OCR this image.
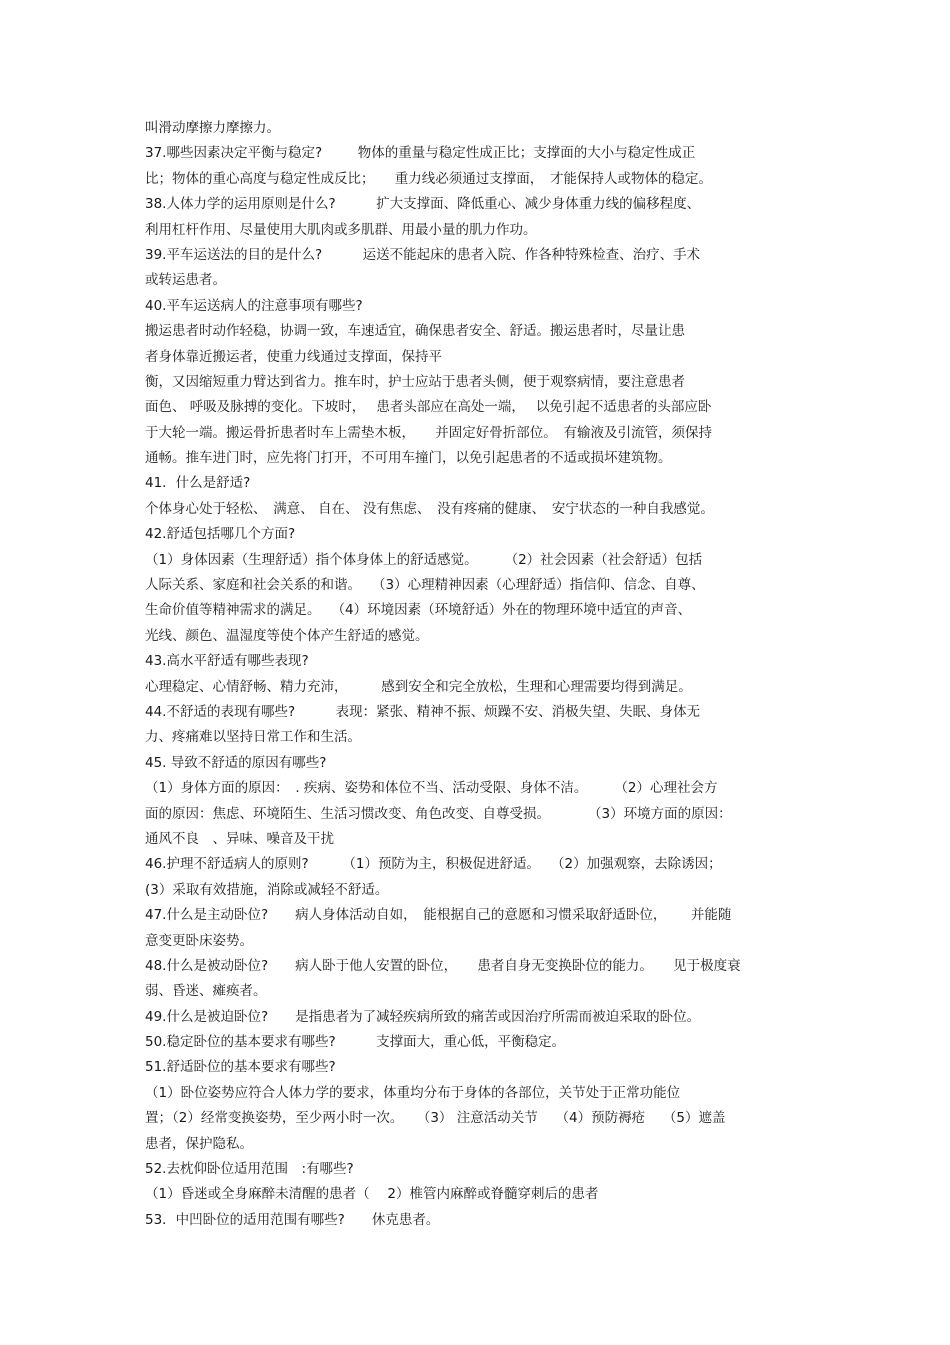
叫滑动摩擦力摩擦力。
37.哪些因素决定平衡与稳定?　　  物体的重量与稳定性成正比；支撑面的大小与稳定性成正
比；物体的重心高度与稳定性成反比；　　重力线必须通过支撑面，　才能保持人或物体的稳定。
38.人体力学的运用原则是什么?　　　扩大支撑面、降低重心、减少身体重力线的偏移程度、
利用杠杆作用、尽量使用大肌肉或多肌群、用最小量的肌力作功。
39.平车运送法的目的是什么?　　　运送不能起床的患者入院、作各种特殊检查、治疗、手术
或转运患者。
40.平车运送病人的注意事项有哪些?
搬运患者时动作轻稳，协调一致，车速适宜，确保患者安全、舒适。搬运患者时，尽量让患
者身体靠近搬运者，使重力线通过支撑面，保持平
衡，又因缩短重力臂达到省力。推车时，护士应站于患者头侧，便于观察病情，要注意患者
面色、 呼吸及脉搏的变化。下坡时，　 患者头部应在高处一端，　 以免引起不适患者的头部应卧
于大轮一端。搬运骨折患者时车上需垫木板，　　并固定好骨折部位。　有输液及引流管，须保持
通畅。推车进门时，应先将门打开，不可用车撞门，以免引起患者的不适或损坏建筑物。
41．什么是舒适?
个体身心处于轻松、　满意、 自在、 没有焦虑、　没有疼痛的健康、　安宁状态的一种自我感觉。
42.舒适包括哪几个方面?
（1）身体因素（生理舒适）指个体身体上的舒适感觉。　　　（2）社会因素（社会舒适）包括
人际关系、家庭和社会关系的和谐。　 （3）心理精神因素（心理舒适）指信仰、信念、自尊、
生命价值等精神需求的满足。　 （4）环境因素（环境舒适）外在的物理环境中适宜的声音、
光线、颜色、温湿度等使个体产生舒适的感觉。
43.高水平舒适有哪些表现?
心理稳定、心情舒畅、精力充沛，　　　感到安全和完全放松，生理和心理需要均得到满足。
44.不舒适的表现有哪些?　　　表现：紧张、精神不振、烦躁不安、消极失望、失眠、身体无
力、疼痛难以坚持日常工作和生活。
45. 导致不舒适的原因有哪些?
（1）身体方面的原因：　. 疾病、姿势和体位不当、活动受限、身体不洁。　　　（2）心理社会方
面的原因：焦虑、环境陌生、生活习惯改变、角色改变、自尊受损。　　　 （3）环境方面的原因：
通风不良　、异味、噪音及干扰
46.护理不舒适病人的原则?　　　（1）预防为主，积极促进舒适。　 （2）加强观察，去除诱因；
(3）采取有效措施，消除或减轻不舒适。
47.什么是主动卧位?　　病人身体活动自如，　能根据自己的意愿和习惯采取舒适卧位，　　 并能随
意变更卧床姿势。
48.什么是被动卧位?　　病人卧于他人安置的卧位，　　患者自身无变换卧位的能力。　　见于极度衰
弱、昏迷、瘫痪者。
49.什么是被迫卧位?　　是指患者为了减轻疾病所致的痛苦或因治疗所需而被迫采取的卧位。
50.稳定卧位的基本要求有哪些?　　　支撑面大，重心低，平衡稳定。
51.舒适卧位的基本要求有哪些?
（1）卧位姿势应符合人体力学的要求，体重均分布于身体的各部位，关节处于正常功能位
置；（2）经常变换姿势，至少两小时一次。　　（3） 注意活动关节　 （4）预防褥疮　 （5）遮盖
患者，保护隐私。
52.去枕仰卧位适用范围　:有哪些?
（1）昏迷或全身麻醉未清醒的患者（　 2）椎管内麻醉或脊髓穿刺后的患者
53．中凹卧位的适用范围有哪些?　　休克患者。
